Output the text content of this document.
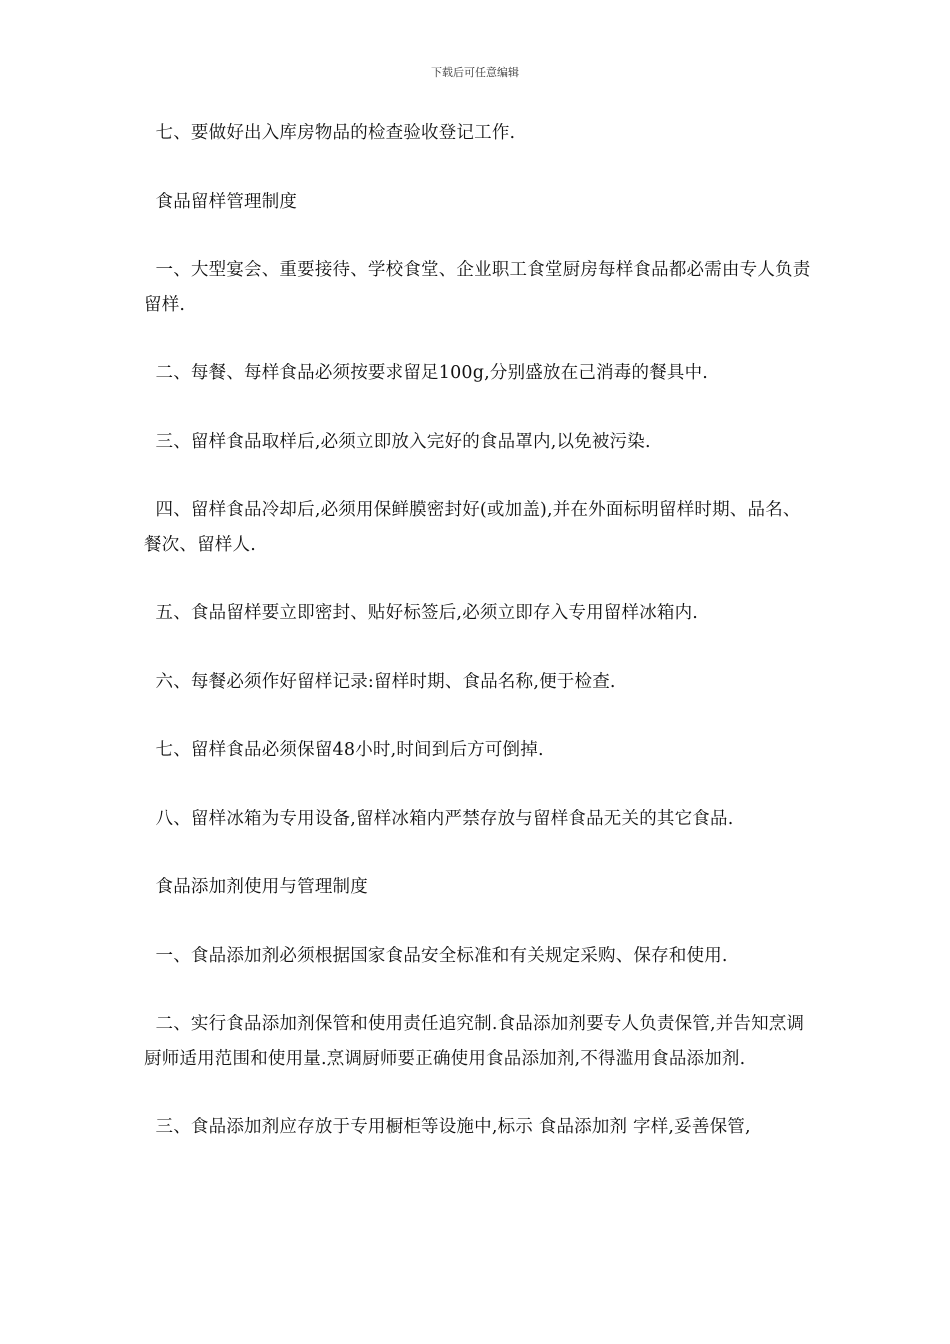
下载后可任意编辑

七、要做好出入库房物品的检查验收登记工作.

食品留样管理制度

一、大型宴会、重要接待、学校食堂、企业职工食堂厨房每样食品都必需由专人负责留样.

二、每餐、每样食品必须按要求留足100g,分别盛放在己消毒的餐具中.

三、留样食品取样后,必须立即放入完好的食品罩内,以免被污染.

四、留样食品冷却后,必须用保鲜膜密封好(或加盖),并在外面标明留样时期、品名、餐次、留样人.

五、食品留样要立即密封、贴好标签后,必须立即存入专用留样冰箱内.

六、每餐必须作好留样记录:留样时期、食品名称,便于检查.

七、留样食品必须保留48小时,时间到后方可倒掉.

八、留样冰箱为专用设备,留样冰箱内严禁存放与留样食品无关的其它食品.

食品添加剂使用与管理制度

一、食品添加剂必须根据国家食品安全标准和有关规定采购、保存和使用.

二、实行食品添加剂保管和使用责任追究制.食品添加剂要专人负责保管,并告知烹调厨师适用范围和使用量.烹调厨师要正确使用食品添加剂,不得滥用食品添加剂.

三、食品添加剂应存放于专用橱柜等设施中,标示 食品添加剂 字样,妥善保管,
